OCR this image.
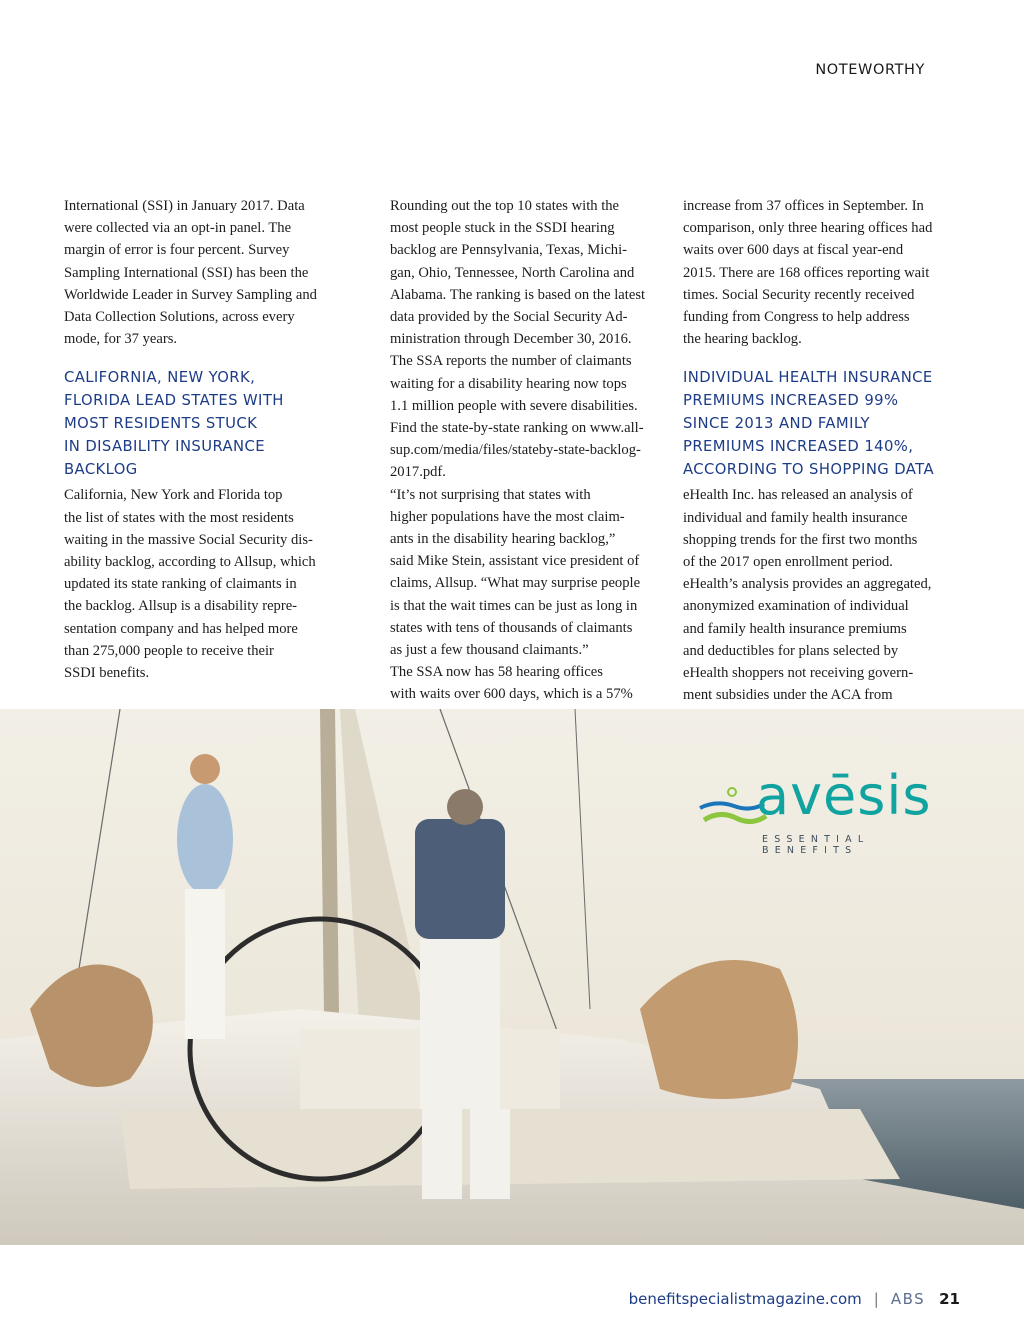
NOTEWORTHY

International (SSI) in January 2017. Data
were collected via an opt-in panel. The
margin of error is four percent. Survey
Sampling International (SSI) has been the
Worldwide Leader in Survey Sampling and
Data Collection Solutions, across every
mode, for 37 years.

CALIFORNIA, NEW YORK,
FLORIDA LEAD STATES WITH
MOST RESIDENTS STUCK
IN DISABILITY INSURANCE
BACKLOG

California, New York and Florida top
the list of states with the most residents
waiting in the massive Social Security dis-
ability backlog, according to Allsup, which
updated its state ranking of claimants in
the backlog. Allsup is a disability repre-
sentation company and has helped more
than 275,000 people to receive their
SSDI benefits.

Rounding out the top 10 states with the
most people stuck in the SSDI hearing
backlog are Pennsylvania, Texas, Michi-
gan, Ohio, Tennessee, North Carolina and
Alabama. The ranking is based on the latest
data provided by the Social Security Ad-
ministration through December 30, 2016.
The SSA reports the number of claimants
waiting for a disability hearing now tops
1.1 million people with severe disabilities.
Find the state-by-state ranking on www.all-
sup.com/media/files/stateby-state-backlog-
2017.pdf.

“It’s not surprising that states with
higher populations have the most claim-
ants in the disability hearing backlog,”
said Mike Stein, assistant vice president of
claims, Allsup. “What may surprise people
is that the wait times can be just as long in
states with tens of thousands of claimants
as just a few thousand claimants.”

The SSA now has 58 hearing offices
with waits over 600 days, which is a 57%

increase from 37 offices in September. In
comparison, only three hearing offices had
waits over 600 days at fiscal year-end
2015. There are 168 offices reporting wait
times. Social Security recently received
funding from Congress to help address
the hearing backlog.

INDIVIDUAL HEALTH INSURANCE
PREMIUMS INCREASED 99%
SINCE 2013 AND FAMILY
PREMIUMS INCREASED 140%,
ACCORDING TO SHOPPING DATA

eHealth Inc. has released an analysis of
individual and family health insurance
shopping trends for the first two months
of the 2017 open enrollment period.
eHealth’s analysis provides an aggregated,
anonymized examination of individual
and family health insurance premiums
and deductibles for plans selected by
eHealth shoppers not receiving govern-
ment subsidies under the ACA from

avēsis
ESSENTIAL BENEFITS
benefitspecialistmagazine.com | ABS 21
